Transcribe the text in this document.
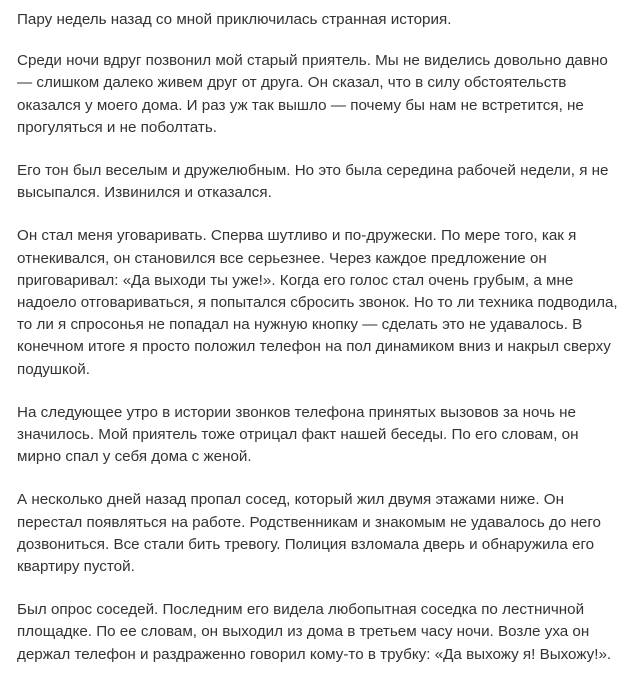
Пару недель назад со мной приключилась странная история.

Среди ночи вдруг позвонил мой старый приятель. Мы не виделись довольно давно
— слишком далеко живем друг от друга. Он сказал, что в силу обстоятельств
оказался у моего дома. И раз уж так вышло — почему бы нам не встретится, не
прогуляться и не поболтать.

Его тон был веселым и дружелюбным. Но это была середина рабочей недели, я не
высыпался. Извинился и отказался.

Он стал меня уговаривать. Сперва шутливо и по-дружески. По мере того, как я
отнекивался, он становился все серьезнее. Через каждое предложение он
приговаривал: «Да выходи ты уже!». Когда его голос стал очень грубым, а мне
надоело отговариваться, я попытался сбросить звонок. Но то ли техника подводила,
то ли я спросонья не попадал на нужную кнопку — сделать это не удавалось. В
конечном итоге я просто положил телефон на пол динамиком вниз и накрыл сверху
подушкой.

На следующее утро в истории звонков телефона принятых вызовов за ночь не
значилось. Мой приятель тоже отрицал факт нашей беседы. По его словам, он
мирно спал у себя дома с женой.

А несколько дней назад пропал сосед, который жил двумя этажами ниже. Он
перестал появляться на работе. Родственникам и знакомым не удавалось до него
дозвониться. Все стали бить тревогу. Полиция взломала дверь и обнаружила его
квартиру пустой.

Был опрос соседей. Последним его видела любопытная соседка по лестничной
площадке. По ее словам, он выходил из дома в третьем часу ночи. Возле уха он
держал телефон и раздраженно говорил кому-то в трубку: «Да выхожу я! Выхожу!».
